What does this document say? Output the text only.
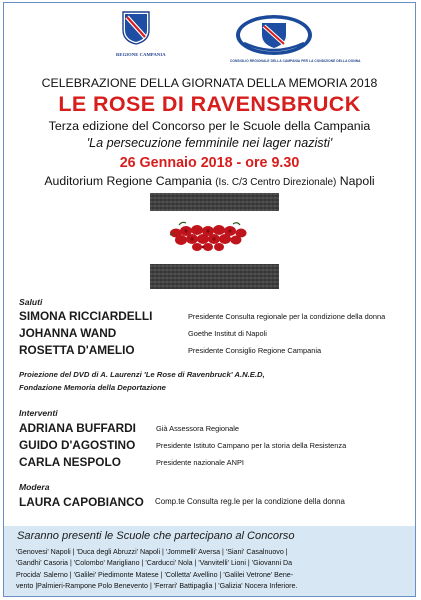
REGIONE CAMPANIA
CONSIGLIO REGIONALE DELLA CAMPANIA PER LA CONDIZIONE DELLA DONNA
CELEBRAZIONE DELLA GIORNATA DELLA MEMORIA 2018
LE ROSE DI RAVENSBRUCK
Terza edizione del Concorso per le Scuole della Campania
'La persecuzione femminile nei lager nazisti'
26 Gennaio 2018 - ore 9.30
Auditorium Regione Campania (Is. C/3 Centro Direzionale) Napoli
Saluti
SIMONA RICCIARDELLI	Presidente Consulta regionale per la condizione della donna
JOHANNA WAND	Goethe Institut di Napoli
ROSETTA D'AMELIO	Presidente Consiglio Regione Campania
Proiezione del DVD di A. Laurenzi 'Le Rose di Ravenbruck' A.N.E.D,
Fondazione Memoria della Deportazione
Interventi
ADRIANA BUFFARDI	Già Assessora Regionale
GUIDO D'AGOSTINO	Presidente Istituto Campano per la storia della Resistenza
CARLA NESPOLO	Presidente nazionale ANPI
Modera
LAURA CAPOBIANCO Comp.te Consulta reg.le per la condizione della donna
Saranno presenti le Scuole che partecipano al Concorso
'Genovesi' Napoli | 'Duca degli Abruzzi' Napoli | 'Jommelli' Aversa | 'Siani' Casalnuovo |
'Gandhi' Casoria | 'Colombo' Marigliano | 'Carducci' Nola | 'Vanvitelli' Lioni | 'Giovanni Da
Procida' Salerno | 'Galilei' Piedimonte Matese | 'Colletta' Avellino | 'Galilei Vetrone' Bene-
vento |Palmieri-Rampone Polo Benevento | 'Ferrari' Battipaglia | 'Galizia' Nocera Inferiore.
